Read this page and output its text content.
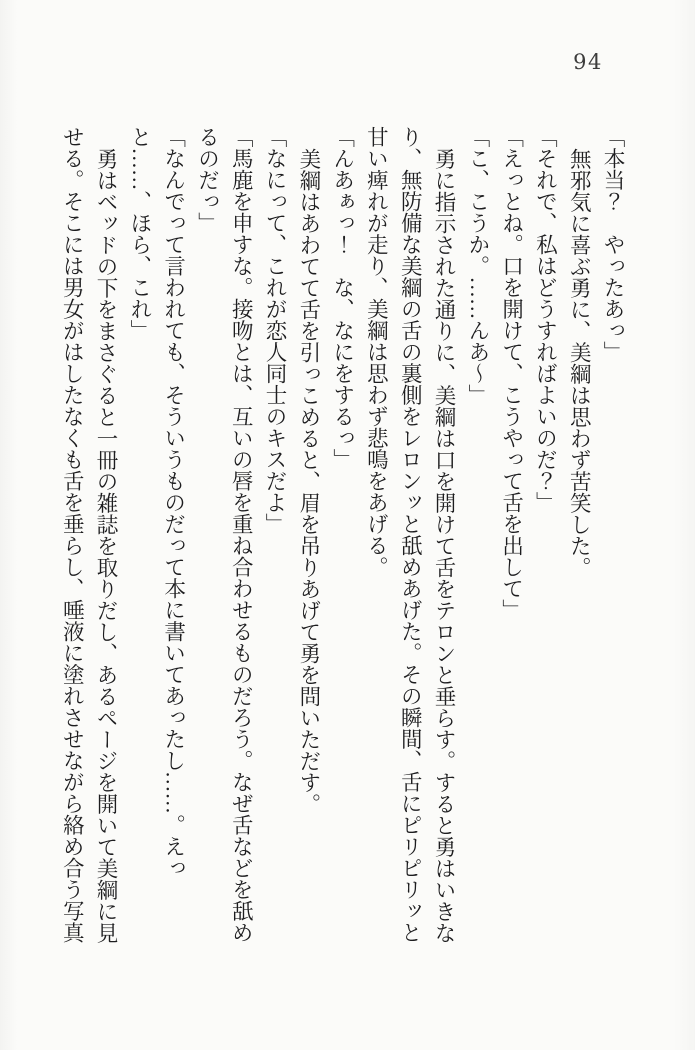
94

「本当？　やったあっ」

無邪気に喜ぶ勇に、美綱は思わず苦笑した。

「それで、私はどうすればよいのだ？」

「えっとね。口を開けて、こうやって舌を出して」

「こ、こうか。……んあ～」

勇に指示された通りに、美綱は口を開けて舌をテロンと垂らす。すると勇はいきなり、無防備な美綱の舌の裏側をレロンッと舐めあげた。その瞬間、舌にピリピリッと甘い痺れが走り、美綱は思わず悲鳴をあげる。

「んあぁっ！　な、なにをするっ」

美綱はあわてて舌を引っこめると、眉を吊りあげて勇を問いただす。

「なにって、これが恋人同士のキスだよ」

「馬鹿を申すな。接吻とは、互いの唇を重ね合わせるものだろう。なぜ舌などを舐めるのだっ」

「なんでって言われても、そういうものだって本に書いてあったし……。えっと……、ほら、これ」

勇はベッドの下をまさぐると一冊の雑誌を取りだし、あるページを開いて美綱に見せる。そこには男女がはしたなくも舌を垂らし、唾液に塗れさせながら絡め合う写真
